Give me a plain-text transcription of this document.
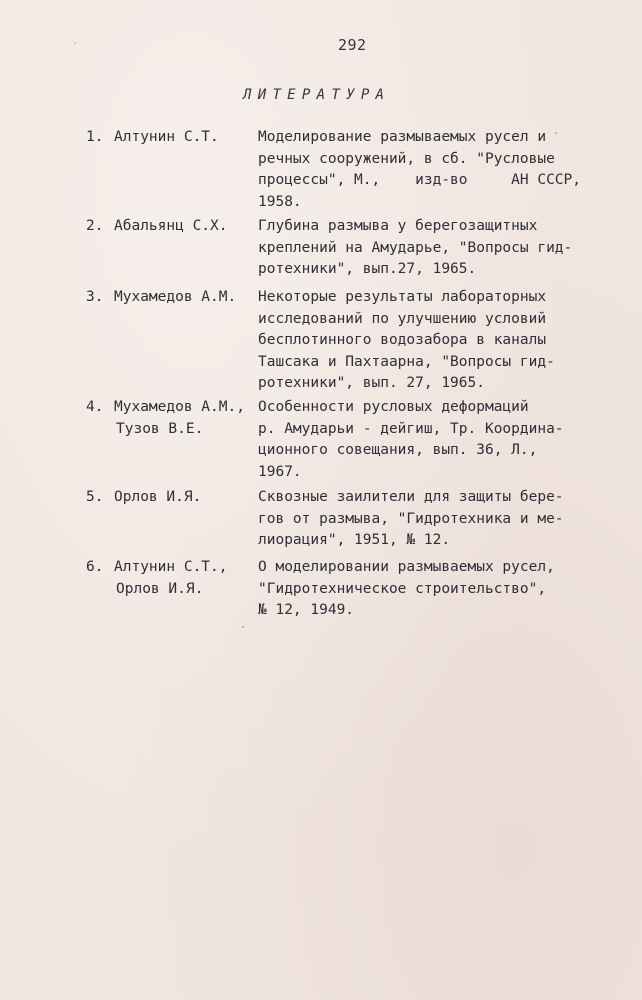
292
ЛИТЕРАТУРА
1. Алтунин С.Т.	Моделирование размываемых русел и
речных сооружений, в сб. "Русловые
процессы", М.,    изд-во     АН СССР,
1958.
2. Абальянц С.Х. Глубина размыва у берегозащитных
креплений на Амударье, "Вопросы гид-
ротехники", вып.27, 1965.
3. Мухамедов А.М. Некоторые результаты лабораторных
исследований по улучшению условий
бесплотинного водозабора в каналы
Ташсака и Пахтаарна, "Вопросы гид-
ротехники", вып. 27, 1965.
4. Мухамедов А.М.,
Тузов В.Е.
Особенности русловых деформаций
р. Амударьи - дейгиш, Тр. Координа-
ционного совещания, вып. 36, Л.,
1967.
5. Орлов И.Я.	Сквозные заилители для защиты бере-
гов от размыва, "Гидротехника и ме-
лиорация", 1951, № 12.
6. Алтунин С.Т.,
Орлов И.Я.
О моделировании размываемых русел,
"Гидротехническое строительство",
№ 12, 1949.
